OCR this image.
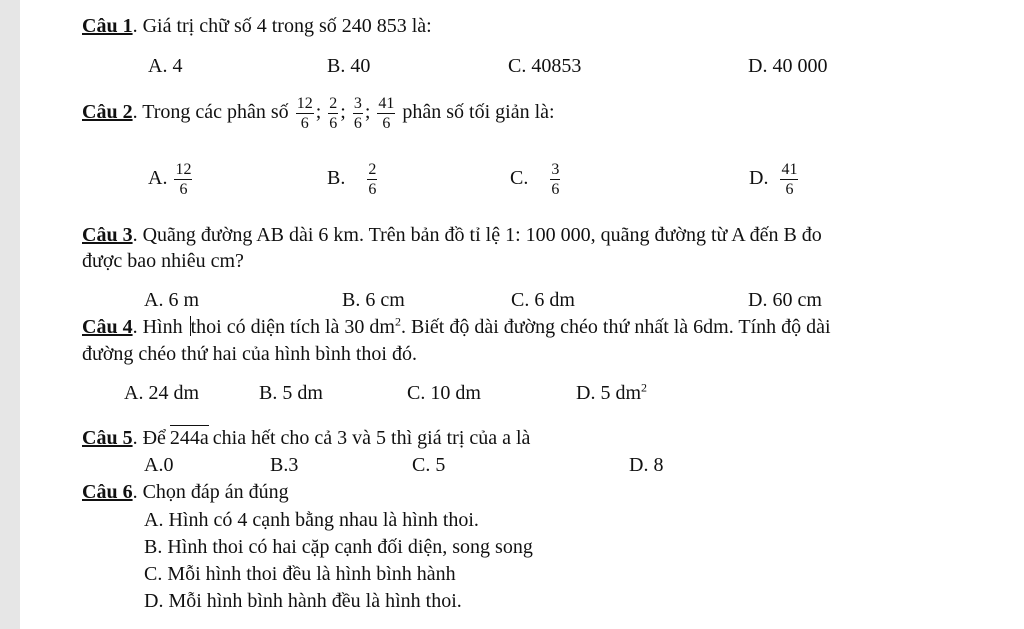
Câu 1. Giá trị chữ số 4 trong số 240 853 là:
A. 4	B. 40	C. 40853	D. 40 000
Câu 2. Trong các phân số $\frac{12}{6}$ ; $\frac{2}{6}$ ; $\frac{3}{6}$ ; $\frac{41}{6}$ phân số tối giản là:
A. $\frac{12}{6}$	B. $\frac{2}{6}$	C. $\frac{3}{6}$	D. $\frac{41}{6}$
Câu 3. Quãng đường AB dài 6 km. Trên bản đồ tỉ lệ 1: 100 000, quãng đường từ A đến B đo
được bao nhiêu cm?
A. 6 m	B. 6 cm	C. 6 dm	D. 60 cm
Câu 4. Hình thoi có diện tích là 30 $dm^2$. Biết độ dài đường chéo thứ nhất là 6dm. Tính độ dài
đường chéo thứ hai của hình bình thoi đó.
A. 24 dm	B. 5 dm	C. 10 dm	D. 5 $dm^2$
Câu 5. Để 244a chia hết cho cả 3 và 5 thì giá trị của a là
A.0	B.3	C. 5	D. 8
Câu 6. Chọn đáp án đúng
A. Hình có 4 cạnh bằng nhau là hình thoi.
B. Hình thoi có hai cặp cạnh đối diện, song song
C. Mỗi hình thoi đều là hình bình hành
D. Mỗi hình bình hành đều là hình thoi.
